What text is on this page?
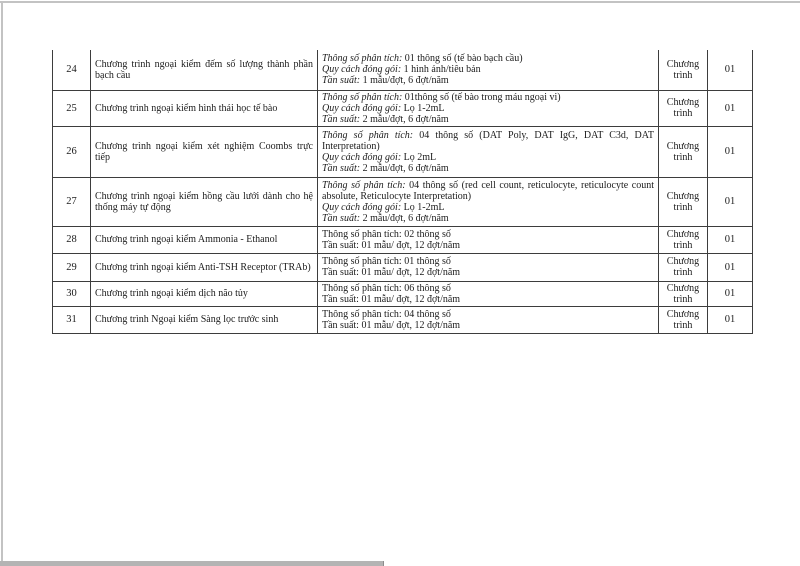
24	Chương trình ngoại kiểm đếm số lượng thành phần bạch cầu	Thông số phân tích: 01 thông số (tế bào bạch cầu)
Quy cách đóng gói: 1 hình ảnh/tiêu bản
Tần suất: 1 mẫu/đợt, 6 đợt/năm	Chương trình	01
25	Chương trình ngoại kiểm hình thái học tế bào	Thông số phân tích: 01thông số (tế bào trong máu ngoại vi)
Quy cách đóng gói: Lọ 1-2mL
Tần suất: 2 mẫu/đợt, 6 đợt/năm	Chương trình	01
26	Chương trình ngoại kiểm xét nghiệm Coombs trực tiếp	Thông số phân tích: 04 thông số (DAT Poly, DAT IgG, DAT C3d, DAT Interpretation)
Quy cách đóng gói: Lọ 2mL
Tần suất: 2 mẫu/đợt, 6 đợt/năm	Chương trình	01
27	Chương trình ngoại kiểm hồng cầu lưới dành cho hệ thống máy tự động	Thông số phân tích: 04 thông số (red cell count, reticulocyte, reticulocyte count absolute, Reticulocyte Interpretation)
Quy cách đóng gói: Lọ 1-2mL
Tần suất: 2 mẫu/đợt, 6 đợt/năm	Chương trình	01
28	Chương trình ngoại kiểm Ammonia - Ethanol	Thông số phân tích: 02 thông số
Tần suất: 01 mẫu/ đợt, 12 đợt/năm	Chương trình	01
29	Chương trình ngoại kiểm Anti-TSH Receptor (TRAb)	Thông số phân tích: 01 thông số
Tần suất: 01 mẫu/ đợt, 12 đợt/năm	Chương trình	01
30	Chương trình ngoại kiểm dịch não tủy	Thông số phân tích: 06 thông số
Tần suất: 01 mẫu/ đợt, 12 đợt/năm	Chương trình	01
31	Chương trình Ngoại kiểm Sàng lọc trước sinh	Thông số phân tích: 04 thông số
Tần suất: 01 mẫu/ đợt, 12 đợt/năm	Chương trình	01
